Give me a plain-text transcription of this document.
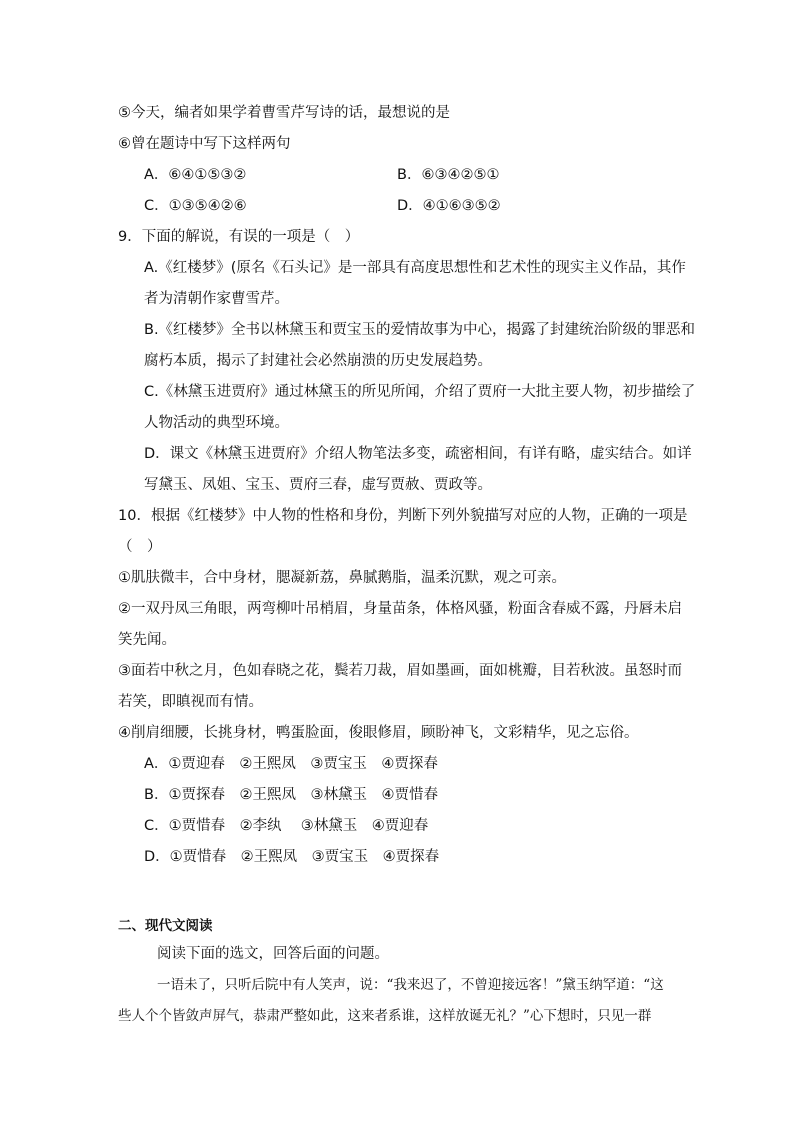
⑤今天，编者如果学着曹雪芹写诗的话，最想说的是
⑥曾在题诗中写下这样两句
A．⑥④①⑤③②	B．⑥③④②⑤①
C．①③⑤④②⑥	D．④①⑥③⑤②
9．下面的解说，有误的一项是（　）
A.《红楼梦》(原名《石头记》是一部具有高度思想性和艺术性的现实主义作品，其作
者为清朝作家曹雪芹。
B.《红楼梦》全书以林黛玉和贾宝玉的爱情故事为中心，揭露了封建统治阶级的罪恶和
腐朽本质，揭示了封建社会必然崩溃的历史发展趋势。
C.《林黛玉进贾府》通过林黛玉的所见所闻，介绍了贾府一大批主要人物，初步描绘了
人物活动的典型环境。
D．课文《林黛玉进贾府》介绍人物笔法多变，疏密相间，有详有略，虚实结合。如详
写黛玉、凤姐、宝玉、贾府三春，虚写贾赦、贾政等。
10．根据《红楼梦》中人物的性格和身份，判断下列外貌描写对应的人物，正确的一项是
（　）
①肌肤微丰，合中身材，腮凝新荔，鼻腻鹅脂，温柔沉默，观之可亲。
②一双丹凤三角眼，两弯柳叶吊梢眉，身量苗条，体格风骚，粉面含春威不露，丹唇未启
笑先闻。
③面若中秋之月，色如春晓之花，鬓若刀裁，眉如墨画，面如桃瓣，目若秋波。虽怒时而
若笑，即瞋视而有情。
④削肩细腰，长挑身材，鸭蛋脸面，俊眼修眉，顾盼神飞，文彩精华，见之忘俗。
A．①贾迎春　②王熙凤　③贾宝玉　④贾探春
B．①贾探春　②王熙凤　③林黛玉　④贾惜春
C．①贾惜春　②李纨　 ③林黛玉　④贾迎春
D．①贾惜春　②王熙凤　③贾宝玉　④贾探春
二、现代文阅读
阅读下面的选文，回答后面的问题。
一语未了，只听后院中有人笑声，说：“我来迟了，不曾迎接远客！”黛玉纳罕道：“这
些人个个皆敛声屏气，恭肃严整如此，这来者系谁，这样放诞无礼？”心下想时，只见一群
